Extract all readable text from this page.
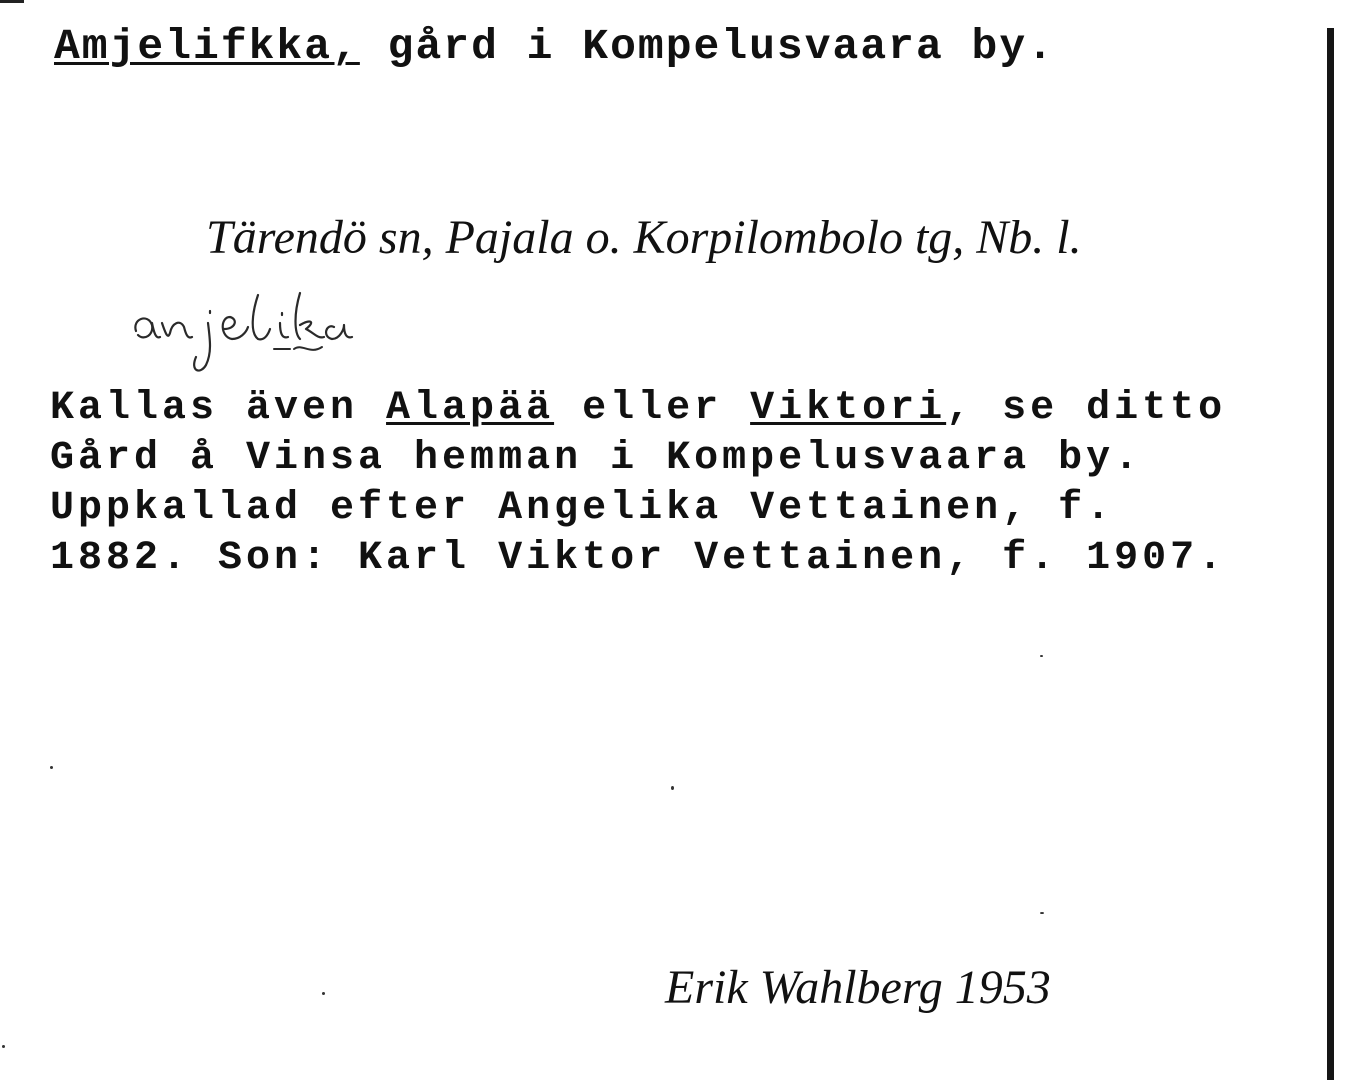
Amjelifkka, gård i Kompelusvaara by.

Tärendö sn, Pajala o. Korpilombolo tg, Nb. l.

Kallas även Alapää eller Viktori, se ditto

Gård å Vinsa hemman i Kompelusvaara by.

Uppkallad efter Angelika Vettainen, f.

1882. Son: Karl Viktor Vettainen, f. 1907.

Erik Wahlberg 1953
